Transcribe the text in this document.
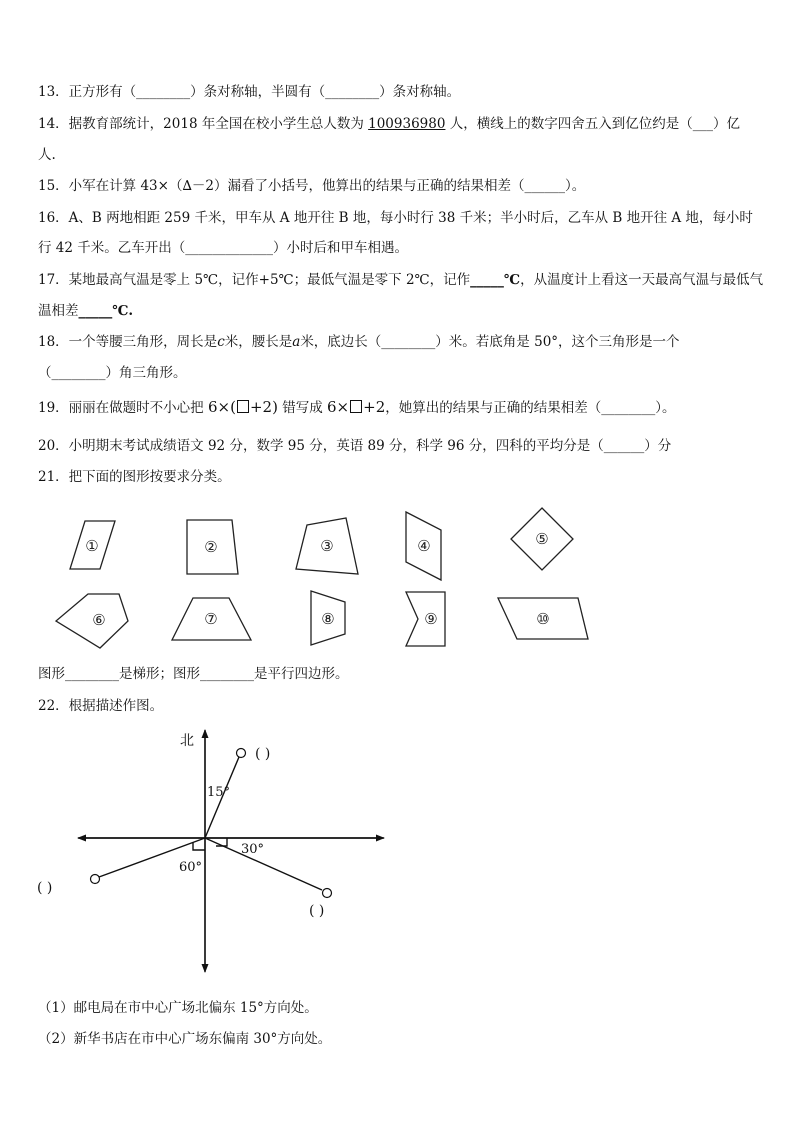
13．正方形有（________）条对称轴，半圆有（________）条对称轴。
14．据教育部统计，2018 年全国在校小学生总人数为 100936980 人，横线上的数字四舍五入到亿位约是（___）亿
人.
15．小军在计算 43×（∆－2）漏看了小括号，他算出的结果与正确的结果相差（______）。
16．A、B 两地相距 259 千米，甲车从 A 地开往 B 地，每小时行 38 千米；半小时后，乙车从 B 地开往 A 地，每小时
行 42 千米。乙车开出（_____________）小时后和甲车相遇。
17．某地最高气温是零上 5℃，记作+5℃；最低气温是零下 2℃，记作_____℃，从温度计上看这一天最高气温与最低气
温相差_____℃.
18．一个等腰三角形，周长是c米，腰长是a米，底边长（________）米。若底角是 50°，这个三角形是一个
（________）角三角形。
19．丽丽在做题时不小心把 6×( +2) 错写成 6× +2，她算出的结果与正确的结果相差（________）。
20．小明期末考试成绩语文 92 分，数学 95 分，英语 89 分，科学 96 分，四科的平均分是（______）分
21．把下面的图形按要求分类。
①	②	③	④	⑤
⑥	⑦	⑧	⑨	⑩
图形________是梯形；图形________是平行四边形。
22．根据描述作图。
北
15°
30°
60°
( )
( )
( )
（1）邮电局在市中心广场北偏东 15°方向处。
（2）新华书店在市中心广场东偏南 30°方向处。
